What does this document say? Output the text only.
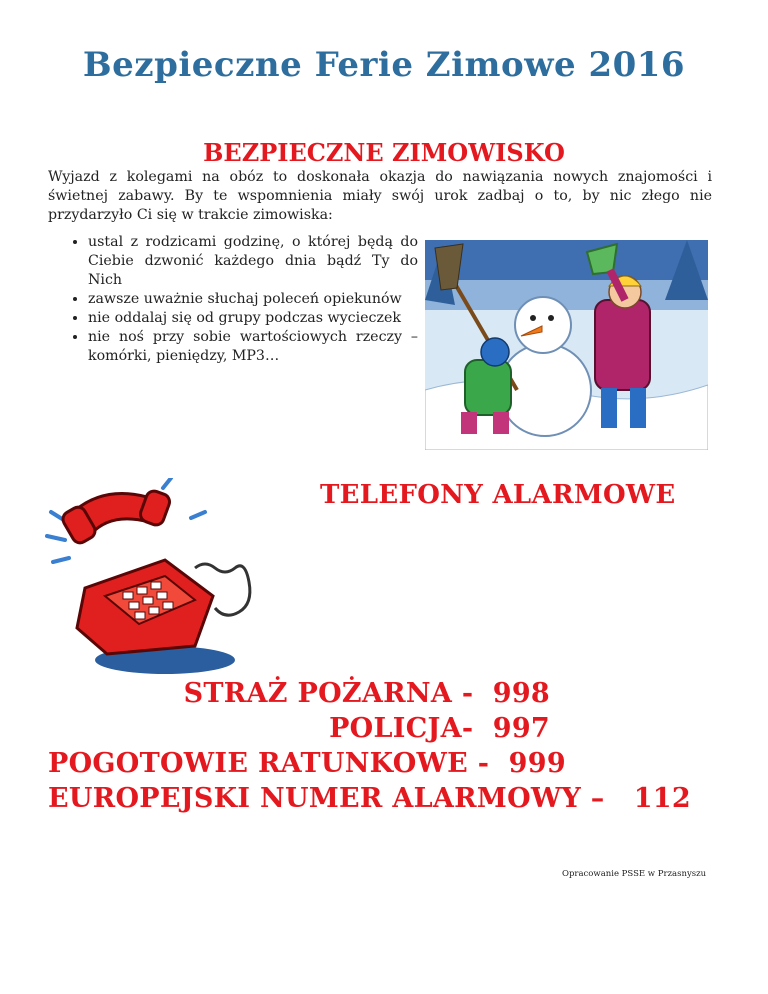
Bezpieczne Ferie Zimowe 2016
BEZPIECZNE ZIMOWISKO
Wyjazd z kolegami na obóz to doskonała okazja do nawiązania nowych znajomości i świetnej zabawy. By te wspomnienia miały swój urok zadbaj o to, by nic złego nie przydarzyło Ci się w trakcie zimowiska:
• ustal z rodzicami godzinę, o której będą do Ciebie dzwonić każdego dnia bądź Ty do Nich
• zawsze uważnie słuchaj poleceń opiekunów
• nie oddalaj się od grupy podczas wycieczek
• nie noś przy sobie wartościowych rzeczy – komórki, pieniędzy, MP3…
TELEFONY ALARMOWE
STRAŻ POŻARNA -  998
POLICJA-  997
POGOTOWIE RATUNKOWE -  999
EUROPEJSKI NUMER ALARMOWY –   112
Opracowanie PSSE w Przasnyszu
